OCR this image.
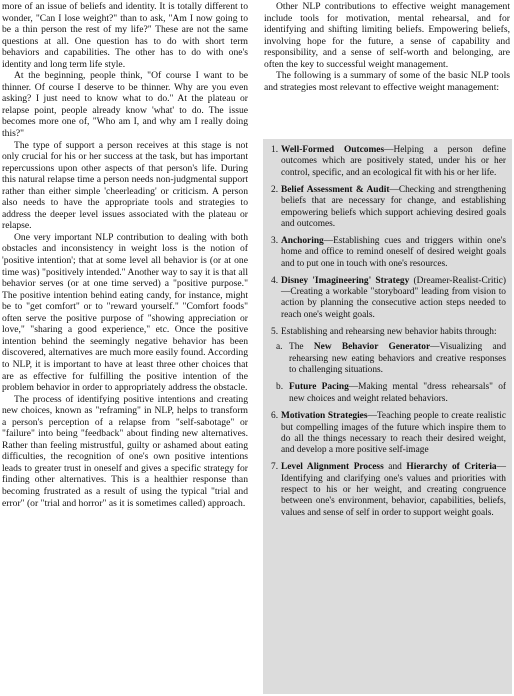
more of an issue of beliefs and identity. It is totally different to wonder, "Can I lose weight?" than to ask, "Am I now going to be a thin person the rest of my life?" These are not the same questions at all. One question has to do with short term behaviors and capabilities. The other has to do with one's identity and long term life style.

At the beginning, people think, "Of course I want to be thinner. Of course I deserve to be thinner. Why are you even asking? I just need to know what to do." At the plateau or relapse point, people already know 'what' to do. The issue becomes more one of, "Who am I, and why am I really doing this?"

The type of support a person receives at this stage is not only crucial for his or her success at the task, but has important repercussions upon other aspects of that person's life. During this natural relapse time a person needs non-judgmental support rather than either simple 'cheerleading' or criticism. A person also needs to have the appropriate tools and strategies to address the deeper level issues associated with the plateau or relapse.

One very important NLP contribution to dealing with both obstacles and inconsistency in weight loss is the notion of 'positive intention'; that at some level all behavior is (or at one time was) "positively intended." Another way to say it is that all behavior serves (or at one time served) a "positive purpose." The positive intention behind eating candy, for instance, might be to "get comfort" or to "reward yourself." "Comfort foods" often serve the positive purpose of "showing appreciation or love," "sharing a good experience," etc. Once the positive intention behind the seemingly negative behavior has been discovered, alternatives are much more easily found. According to NLP, it is important to have at least three other choices that are as effective for fulfilling the positive intention of the problem behavior in order to appropriately address the obstacle.

The process of identifying positive intentions and creating new choices, known as "reframing" in NLP, helps to transform a person's perception of a relapse from "self-sabotage" or "failure" into being "feedback" about finding new alternatives. Rather than feeling mistrustful, guilty or ashamed about eating difficulties, the recognition of one's own positive intentions leads to greater trust in oneself and gives a specific strategy for finding other alternatives. This is a healthier response than becoming frustrated as a result of using the typical "trial and error" (or "trial and horror" as it is sometimes called) approach.

Other NLP contributions to effective weight management include tools for motivation, mental rehearsal, and for identifying and shifting limiting beliefs. Empowering beliefs, involving hope for the future, a sense of capability and responsibility, and a sense of self-worth and belonging, are often the key to successful weight management.

The following is a summary of some of the basic NLP tools and strategies most relevant to effective weight management:

1. Well-Formed Outcomes—Helping a person define outcomes which are positively stated, under his or her control, specific, and an ecological fit with his or her life.
2. Belief Assessment & Audit—Checking and strengthening beliefs that are necessary for change, and establishing empowering beliefs which support achieving desired goals and outcomes.
3. Anchoring—Establishing cues and triggers within one's home and office to remind oneself of desired weight goals and to put one in touch with one's resources.
4. Disney 'Imagineering' Strategy (Dreamer-Realist-Critic)—Creating a workable "storyboard" leading from vision to action by planning the consecutive action steps needed to reach one's weight goals.
5. Establishing and rehearsing new behavior habits through:
a. The New Behavior Generator—Visualizing and rehearsing new eating behaviors and creative responses to challenging situations.
b. Future Pacing—Making mental "dress rehearsals" of new choices and weight related behaviors.
6. Motivation Strategies—Teaching people to create realistic but compelling images of the future which inspire them to do all the things necessary to reach their desired weight, and develop a more positive self-image
7. Level Alignment Process and Hierarchy of Criteria—Identifying and clarifying one's values and priorities with respect to his or her weight, and creating congruence between one's environment, behavior, capabilities, beliefs, values and sense of self in order to support weight goals.
